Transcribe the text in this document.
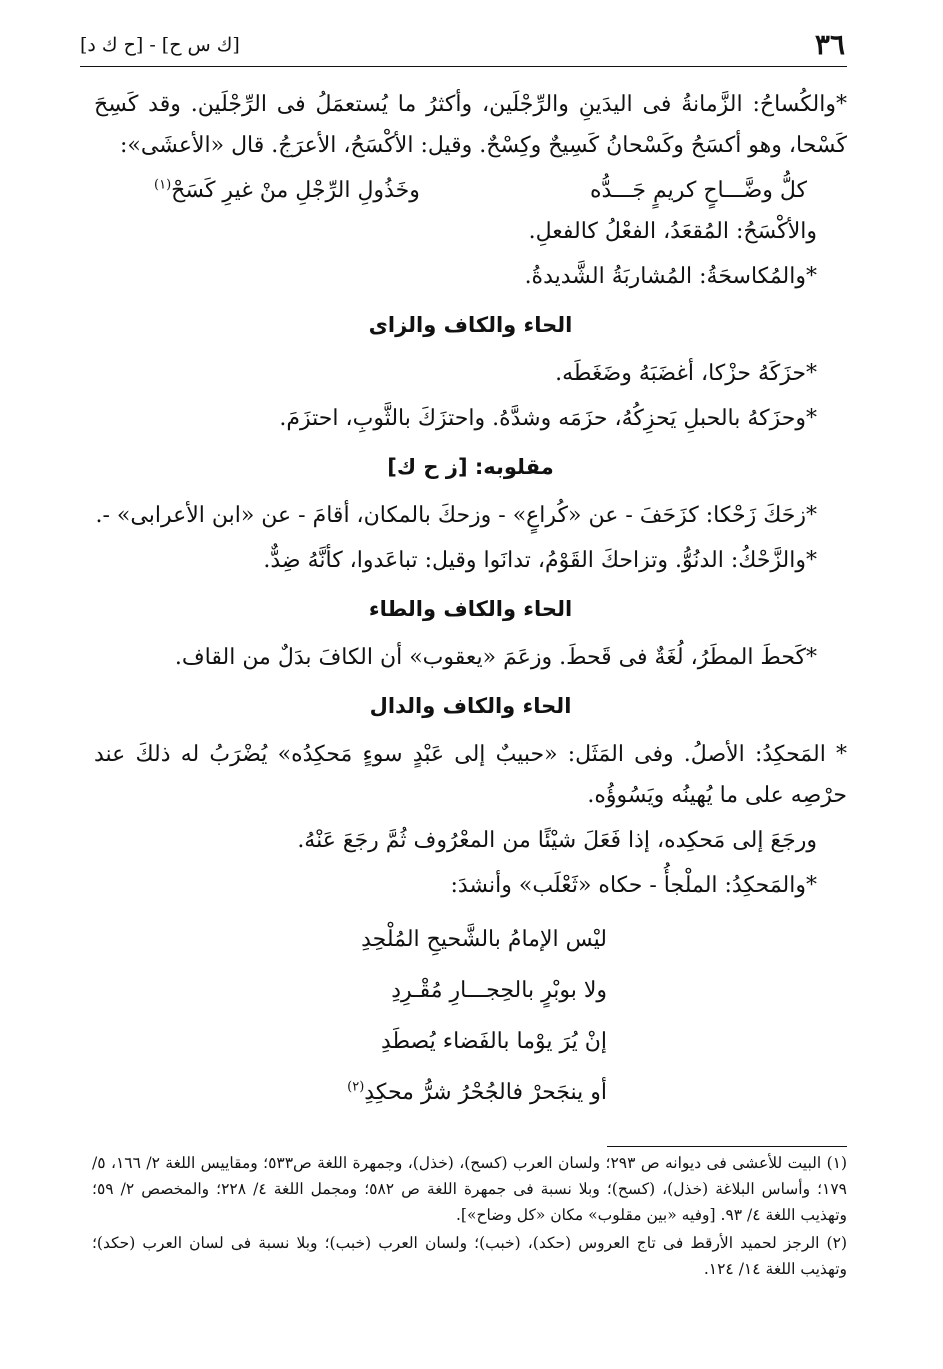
٣٦
[ك س ح] - [ح ك د]

*والكُساحُ: الزَّمانةُ فى اليدَينِ والرِّجْلَين، وأكثرُ ما يُستعمَلُ فى الرِّجْلَين. وقد كَسِحَ كَسْحا، وهو أكسَحُ وكَسْحانُ كَسِيحٌ وكِسْحٌ. وقيل: الأكْسَحُ، الأعرَجُ. قال «الأعشَى»:

كلُّ وضَّـــاحٍ كريمٍ جَـــدُّه
وخَذُولِ الرِّجْلِ منْ غيرِ كَسَحْ$^{(١)}$

والأكْسَحُ: المُقعَدُ، الفعْلُ كالفعلِ.

*والمُكاسحَةُ: المُشاربَةُ الشَّديدةُ.

الحاء والكاف والزاى

*حزَكَهُ حزْكا، أغضَبَهُ وضَغَطَه.

*وحزَكهُ بالحبلِ يَحزِكُهُ، حزَمَه وشدَّهُ. واحتزَكَ بالثَّوبِ، احتزَمَ.

مقلوبه: [ز ح ك]

*زحَكَ زَحْكا: كزَحَفَ - عن «كُراعٍ» - وزحكَ بالمكان، أقامَ - عن «ابن الأعرابى» -.

*والزَّحْكُ: الدنُوُّ. وتزاحكَ القَوْمُ، تدانَوا وقيل: تباعَدوا، كأنَّهُ ضِدٌّ.

الحاء والكاف والطاء

*كَحطَ المطَرُ، لُغَةٌ فى قَحطَ. وزعَمَ «يعقوب» أن الكافَ بدَلٌ من القاف.

الحاء والكاف والدال

* المَحكِدُ: الأصلُ. وفى المَثَل: «حبيبٌ إلى عَبْدٍ سوءٍ مَحكِدُه» يُضْرَبُ له ذلكَ عند حرْصِه على ما يُهينُه ويَسُوؤُه.

ورجَعَ إلى مَحكِده، إذا فَعَلَ شيْئًا من المعْرُوف ثُمَّ رجَعَ عَنْهُ.

*والمَحكِدُ: الملْجأُ - حكاه «ثَعْلَب» وأنشدَ:

ليْس الإمامُ بالشَّحيحِ المُلْحِدِ
ولا بوبْرٍ بالحِجـــارِ مُقْـرِدِ
إنْ يُرَ يوْما بالفَضاء يُصطَدِ
أو ينجَحرْ فالجُحْرُ شرُّ محكِدِ$^{(٢)}$

(١) البيت للأعشى فى ديوانه ص ٢٩٣؛ ولسان العرب (كسح)، (خذل)، وجمهرة اللغة ص٥٣٣؛ ومقاييس اللغة ٢/ ١٦٦، ٥/ ١٧٩؛ وأساس البلاغة (خذل)، (كسح)؛ وبلا نسبة فى جمهرة اللغة ص ٥٨٢؛ ومجمل اللغة ٤/ ٢٢٨؛ والمخصص ٢/ ٥٩؛ وتهذيب اللغة ٤/ ٩٣. [وفيه «بين مقلوب» مكان «كل وضاح»].

(٢) الرجز لحميد الأرقط فى تاج العروس (حكد)، (خبب)؛ ولسان العرب (خبب)؛ وبلا نسبة فى لسان العرب (حكد)؛ وتهذيب اللغة ١٤/ ١٢٤.
